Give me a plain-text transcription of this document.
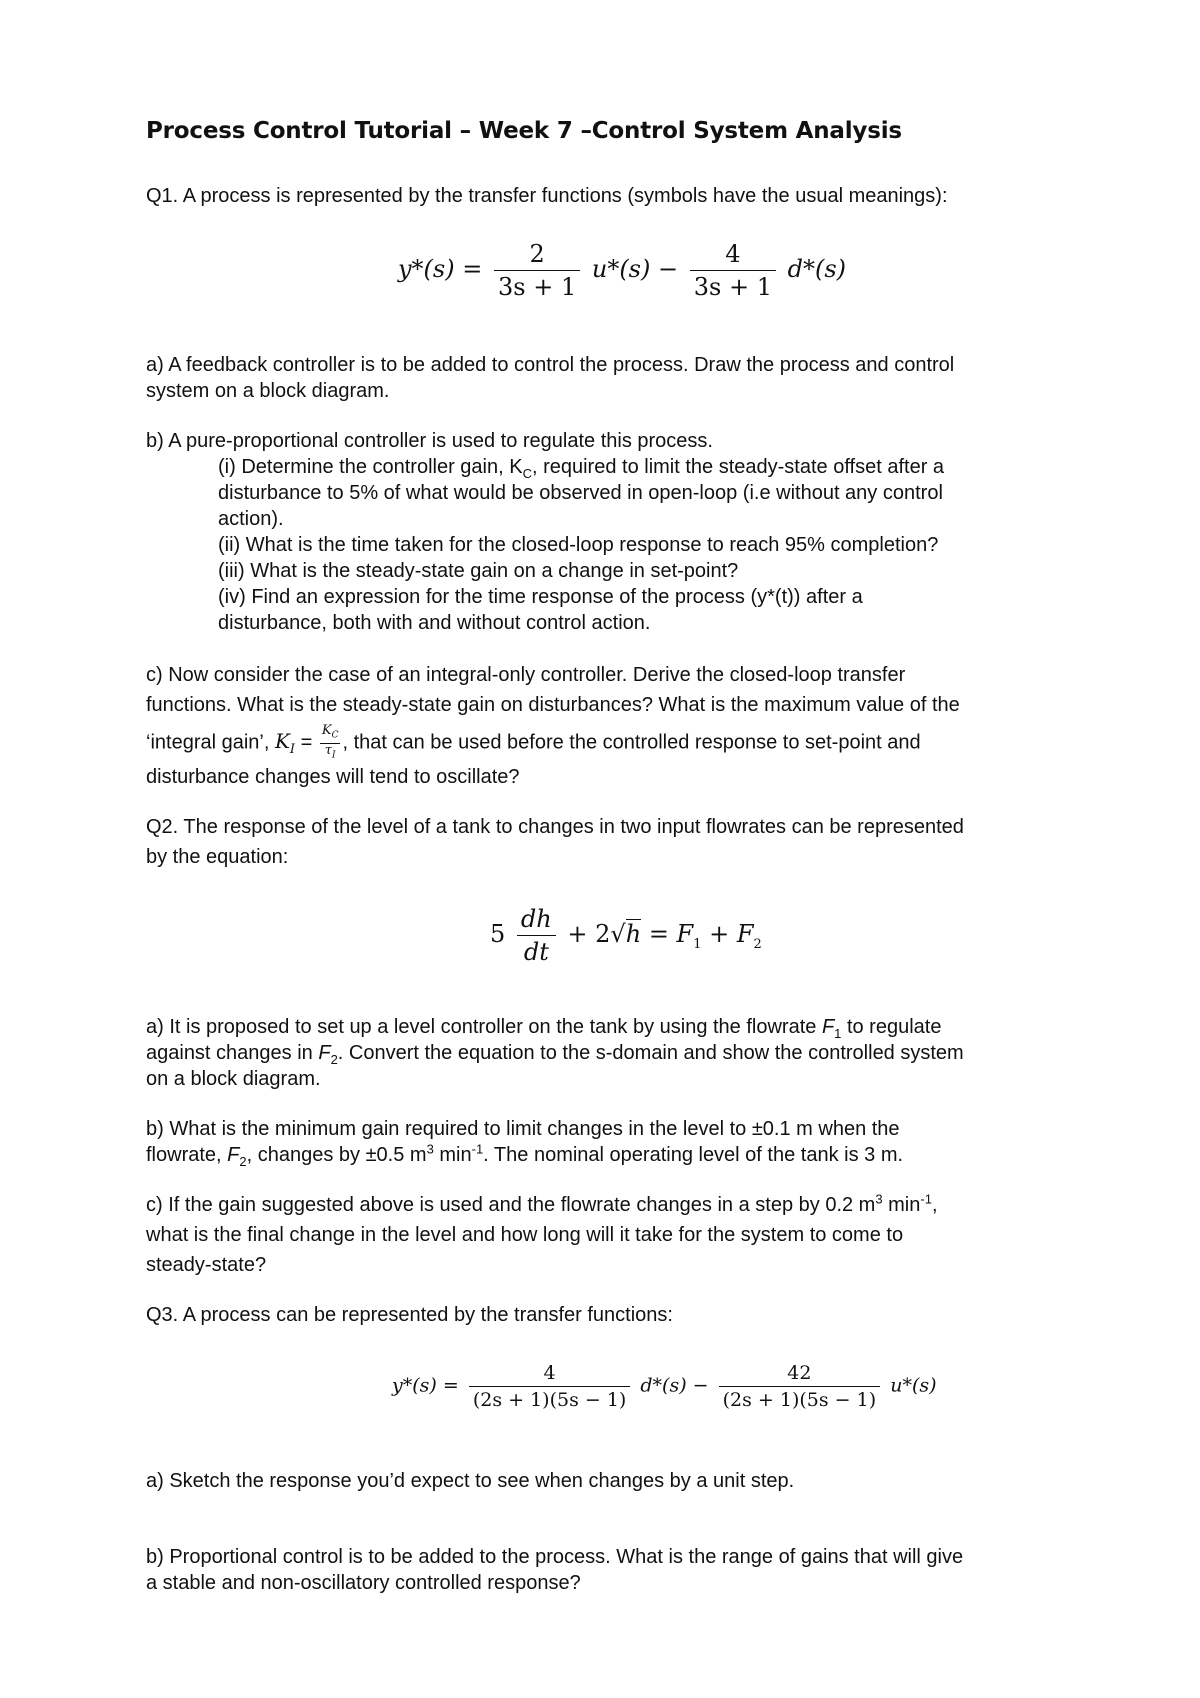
Process Control Tutorial – Week 7 –Control System Analysis
Q1. A process is represented by the transfer functions (symbols have the usual meanings):
$y*(s) = \frac{2}{3s + 1} u*(s) - \frac{4}{3s + 1} d*(s)$
a) A feedback controller is to be added to control the process. Draw the process and control
system on a block diagram.
b) A pure-proportional controller is used to regulate this process.
(i) Determine the controller gain, $K_C$, required to limit the steady-state offset after a
disturbance to 5% of what would be observed in open-loop (i.e without any control
action).
(ii) What is the time taken for the closed-loop response to reach 95% completion?
(iii) What is the steady-state gain on a change in set-point?
(iv) Find an expression for the time response of the process (y*(t)) after a
disturbance, both with and without control action.
c) Now consider the case of an integral-only controller. Derive the closed-loop transfer
functions. What is the steady-state gain on disturbances? What is the maximum value of the
‘integral gain’, $K_I = \frac{K_C}{\tau_I}$ , that can be used before the controlled response to set-point and
disturbance changes will tend to oscillate?
Q2. The response of the level of a tank to changes in two input flowrates can be represented
by the equation:
$5 \frac{dh}{dt} + 2√h = F_1 + F_2$
a) It is proposed to set up a level controller on the tank by using the flowrate $F_1$ to regulate
against changes in $F_2$. Convert the equation to the s-domain and show the controlled system
on a block diagram.
b) What is the minimum gain required to limit changes in the level to ±0.1 m when the
flowrate, $F_2$, changes by ±0.5 $m^3$ $\min^{-1}$. The nominal operating level of the tank is 3 m.
c) If the gain suggested above is used and the flowrate changes in a step by 0.2 $m^3$ $\min^{-1}$,
what is the final change in the level and how long will it take for the system to come to
steady-state?
Q3. A process can be represented by the transfer functions:
$y*(s) = \frac{4}{(2s + 1)(5s - 1)} d*(s) - \frac{42}{(2s + 1)(5s - 1)} u*(s)$
a) Sketch the response you’d expect to see when changes by a unit step.
b) Proportional control is to be added to the process. What is the range of gains that will give
a stable and non-oscillatory controlled response?
